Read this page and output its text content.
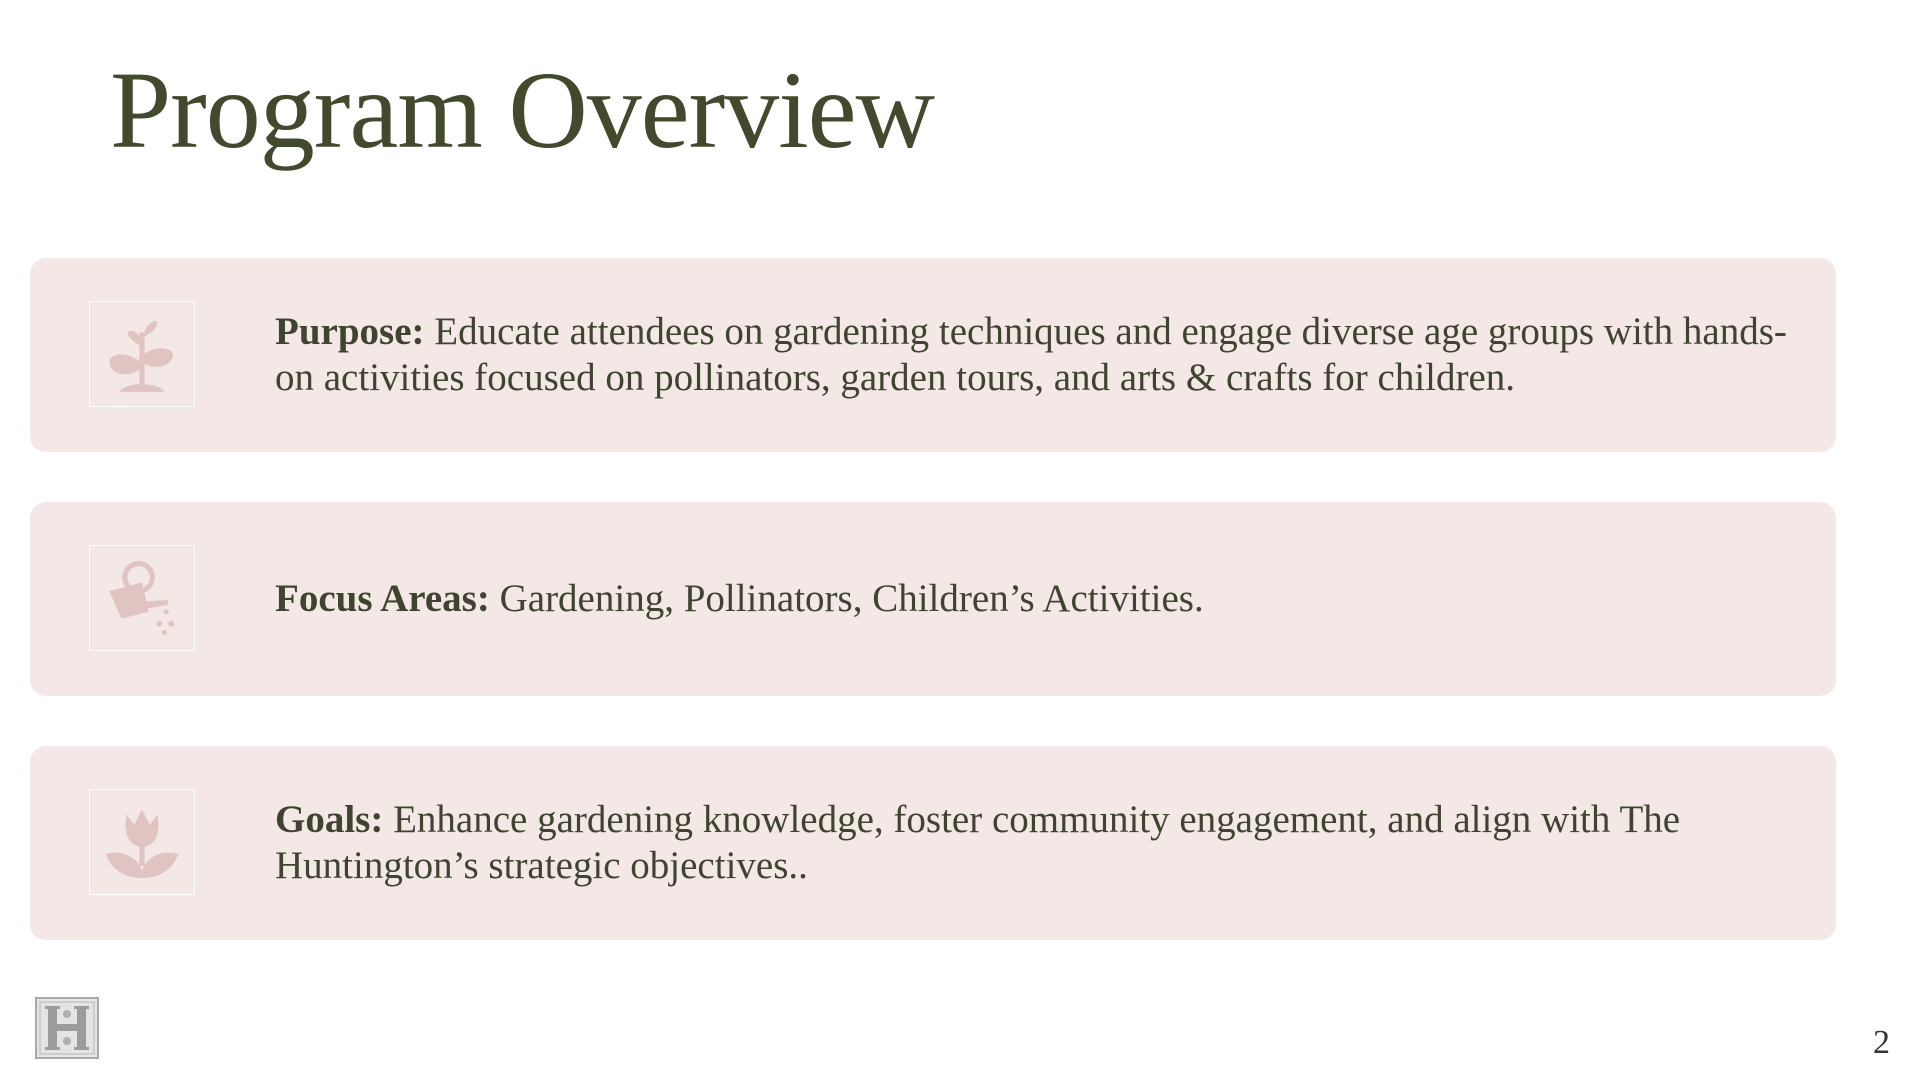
Program Overview
Purpose: Educate attendees on gardening techniques and engage diverse age groups with hands-on activities focused on pollinators, garden tours, and arts & crafts for children.
Focus Areas: Gardening, Pollinators, Children’s Activities.
Goals: Enhance gardening knowledge, foster community engagement, and align with The Huntington’s strategic objectives..
2
